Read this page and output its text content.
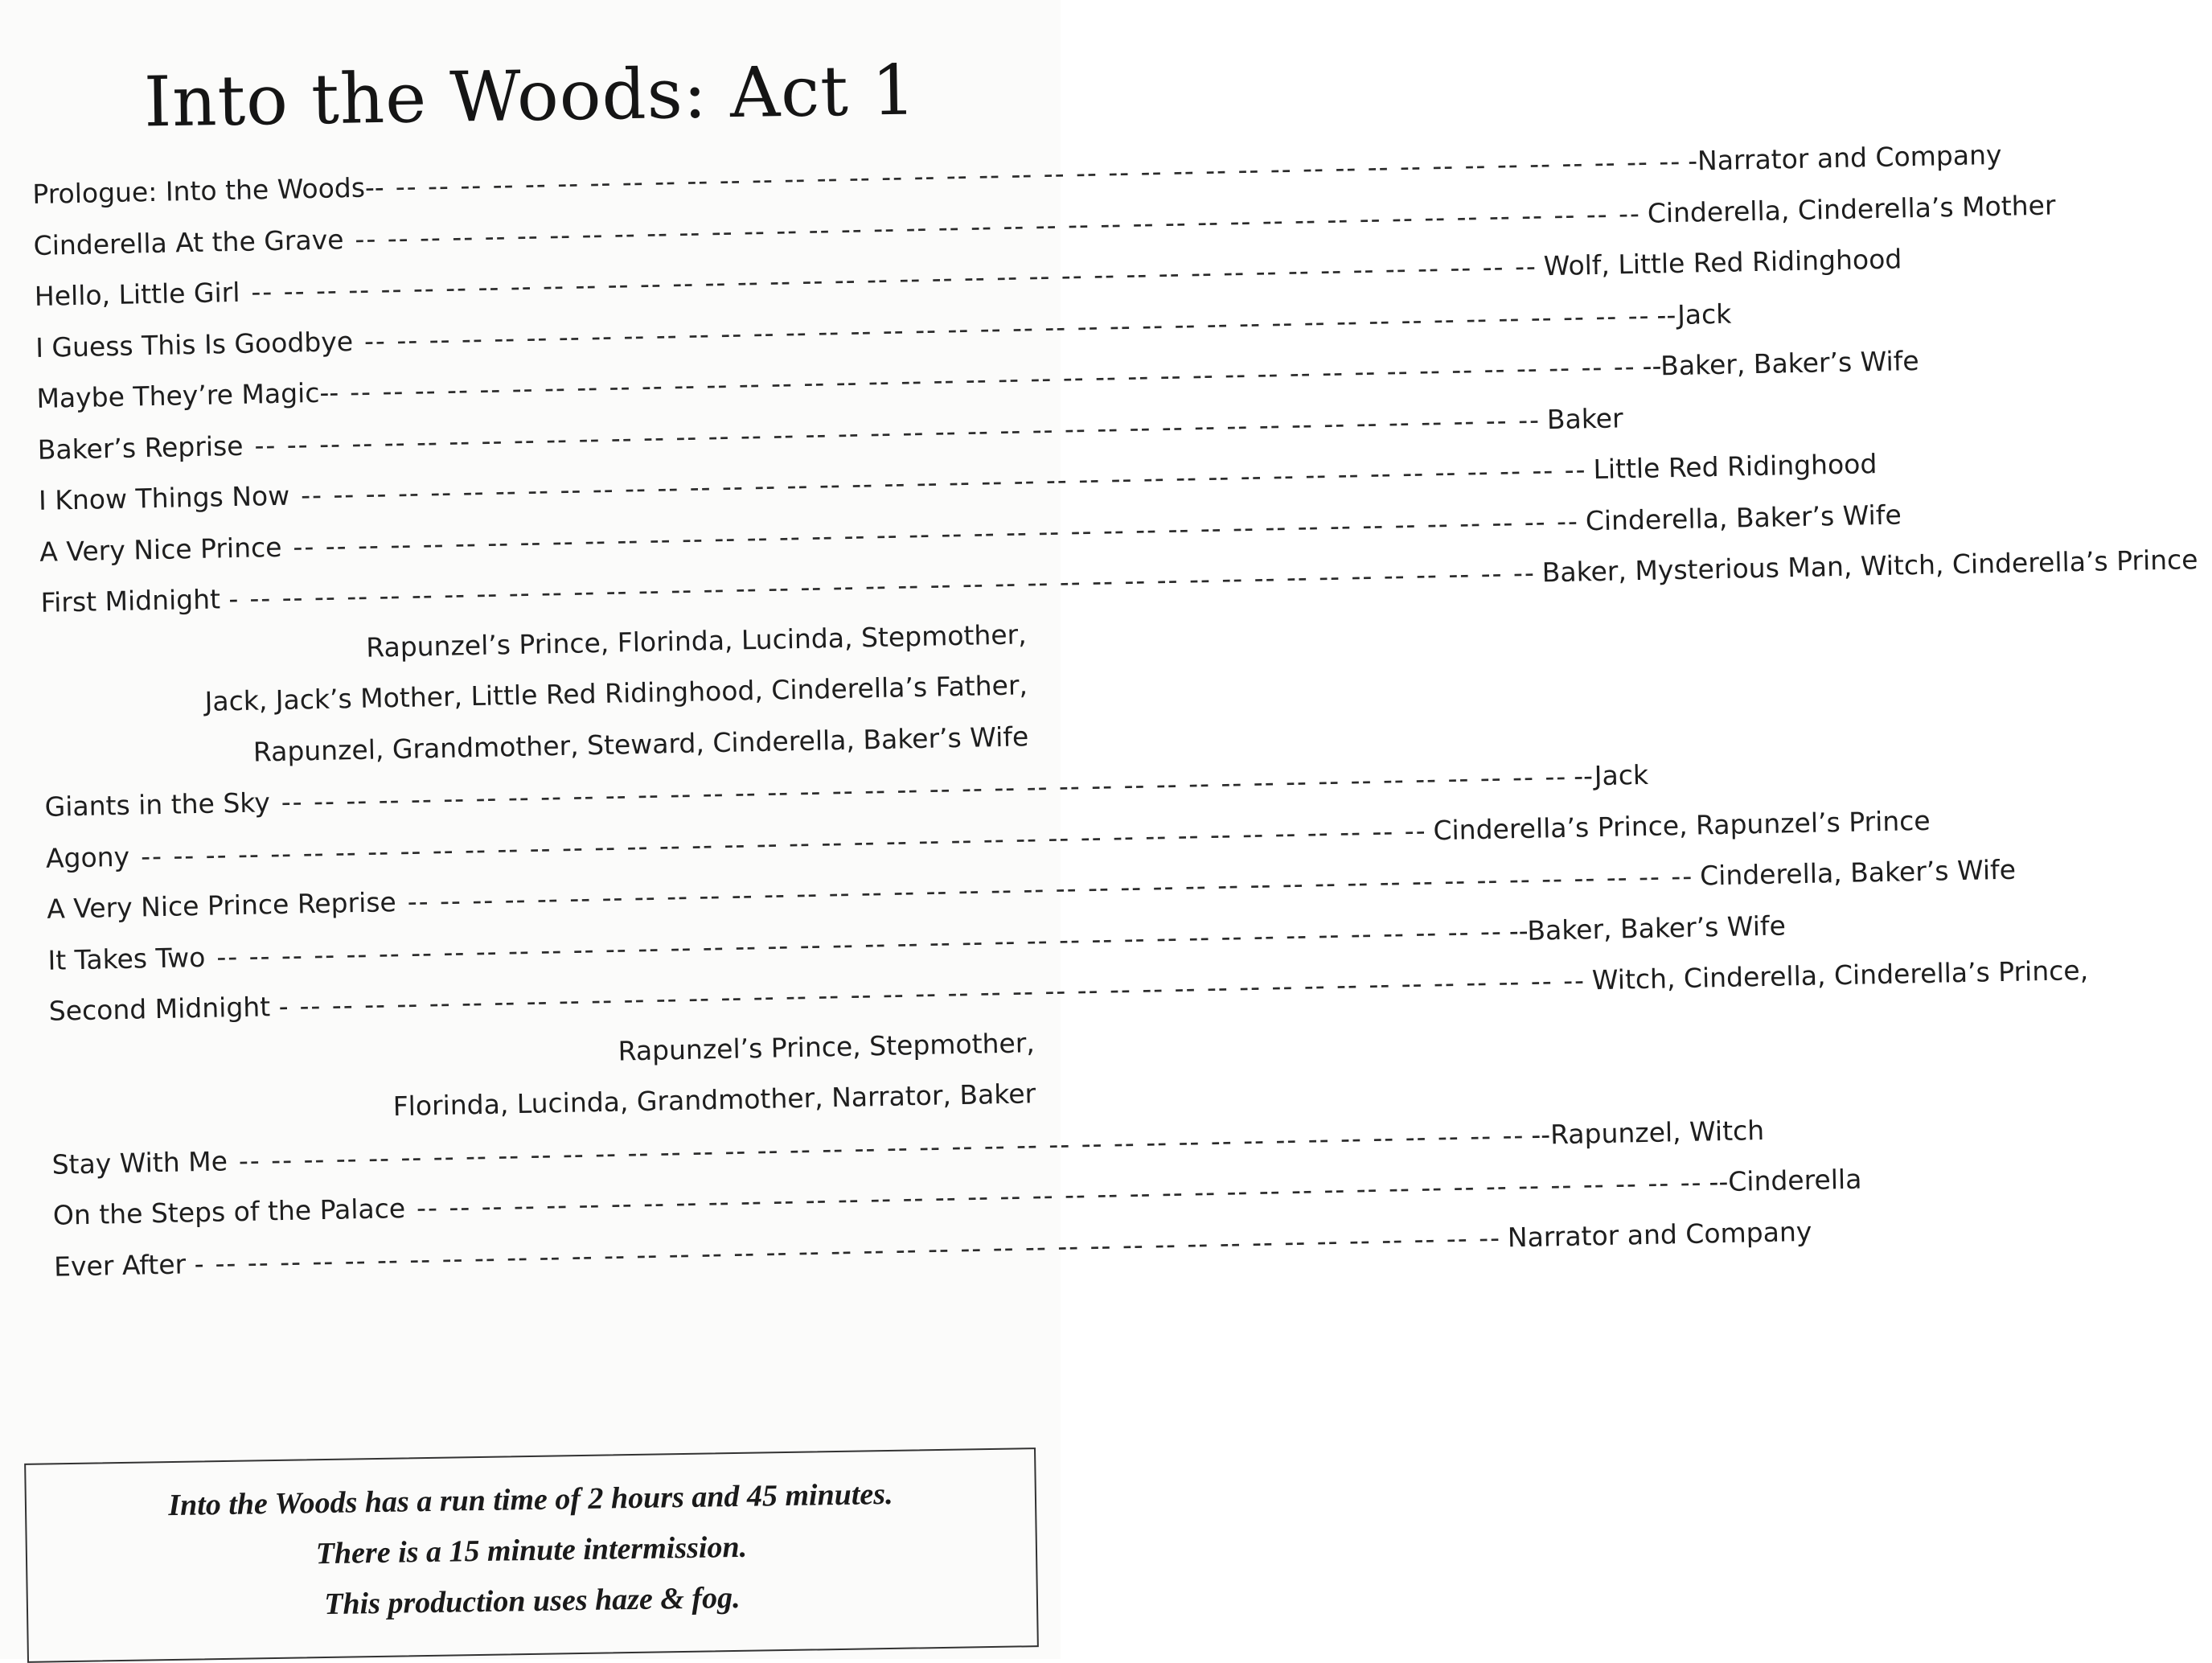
Into the Woods: Act 1
Prologue: Into the Woods-- -- -- -- -- -- -- -- -- -- -- -- -- -- -- -- -- -- -- -- -- -- -- -- -- -- -- -- -- -- -- -- -- -- -- -- -- -- -- -- -- -Narrator and Company
Cinderella At the Grave -- -- -- -- -- -- -- -- -- -- -- -- -- -- -- -- -- -- -- -- -- -- -- -- -- -- -- -- -- -- -- -- -- -- -- -- -- -- -- -- Cinderella, Cinderella’s Mother
Hello, Little Girl -- -- -- -- -- -- -- -- -- -- -- -- -- -- -- -- -- -- -- -- -- -- -- -- -- -- -- -- -- -- -- -- -- -- -- -- -- -- -- -- Wolf, Little Red Ridinghood
I Guess This Is Goodbye -- -- -- -- -- -- -- -- -- -- -- -- -- -- -- -- -- -- -- -- -- -- -- -- -- -- -- -- -- -- -- -- -- -- -- -- -- -- -- -- --Jack
Maybe They’re Magic-- -- -- -- -- -- -- -- -- -- -- -- -- -- -- -- -- -- -- -- -- -- -- -- -- -- -- -- -- -- -- -- -- -- -- -- -- -- -- -- -- --Baker, Baker’s Wife
Baker’s Reprise -- -- -- -- -- -- -- -- -- -- -- -- -- -- -- -- -- -- -- -- -- -- -- -- -- -- -- -- -- -- -- -- -- -- -- -- -- -- -- -- Baker
I Know Things Now -- -- -- -- -- -- -- -- -- -- -- -- -- -- -- -- -- -- -- -- -- -- -- -- -- -- -- -- -- -- -- -- -- -- -- -- -- -- -- -- Little Red Ridinghood
A Very Nice Prince -- -- -- -- -- -- -- -- -- -- -- -- -- -- -- -- -- -- -- -- -- -- -- -- -- -- -- -- -- -- -- -- -- -- -- -- -- -- -- -- Cinderella, Baker’s Wife
First Midnight - -- -- -- -- -- -- -- -- -- -- -- -- -- -- -- -- -- -- -- -- -- -- -- -- -- -- -- -- -- -- -- -- -- -- -- -- -- -- -- -- Baker, Mysterious Man, Witch, Cinderella’s Prince
Rapunzel’s Prince, Florinda, Lucinda, Stepmother,
Jack, Jack’s Mother, Little Red Ridinghood, Cinderella’s Father,
Rapunzel, Grandmother, Steward, Cinderella, Baker’s Wife
Giants in the Sky -- -- -- -- -- -- -- -- -- -- -- -- -- -- -- -- -- -- -- -- -- -- -- -- -- -- -- -- -- -- -- -- -- -- -- -- -- -- -- -- --Jack
Agony -- -- -- -- -- -- -- -- -- -- -- -- -- -- -- -- -- -- -- -- -- -- -- -- -- -- -- -- -- -- -- -- -- -- -- -- -- -- -- -- Cinderella’s Prince, Rapunzel’s Prince
A Very Nice Prince Reprise -- -- -- -- -- -- -- -- -- -- -- -- -- -- -- -- -- -- -- -- -- -- -- -- -- -- -- -- -- -- -- -- -- -- -- -- -- -- -- -- Cinderella, Baker’s Wife
It Takes Two -- -- -- -- -- -- -- -- -- -- -- -- -- -- -- -- -- -- -- -- -- -- -- -- -- -- -- -- -- -- -- -- -- -- -- -- -- -- -- -- --Baker, Baker’s Wife
Second Midnight - -- -- -- -- -- -- -- -- -- -- -- -- -- -- -- -- -- -- -- -- -- -- -- -- -- -- -- -- -- -- -- -- -- -- -- -- -- -- -- -- Witch, Cinderella, Cinderella’s Prince,
Rapunzel’s Prince, Stepmother,
Florinda, Lucinda, Grandmother, Narrator, Baker
Stay With Me -- -- -- -- -- -- -- -- -- -- -- -- -- -- -- -- -- -- -- -- -- -- -- -- -- -- -- -- -- -- -- -- -- -- -- -- -- -- -- -- --Rapunzel, Witch
On the Steps of the Palace -- -- -- -- -- -- -- -- -- -- -- -- -- -- -- -- -- -- -- -- -- -- -- -- -- -- -- -- -- -- -- -- -- -- -- -- -- -- -- -- --Cinderella
Ever After - -- -- -- -- -- -- -- -- -- -- -- -- -- -- -- -- -- -- -- -- -- -- -- -- -- -- -- -- -- -- -- -- -- -- -- -- -- -- -- -- Narrator and Company
Into the Woods has a run time of 2 hours and 45 minutes.
There is a 15 minute intermission.
This production uses haze & fog.
